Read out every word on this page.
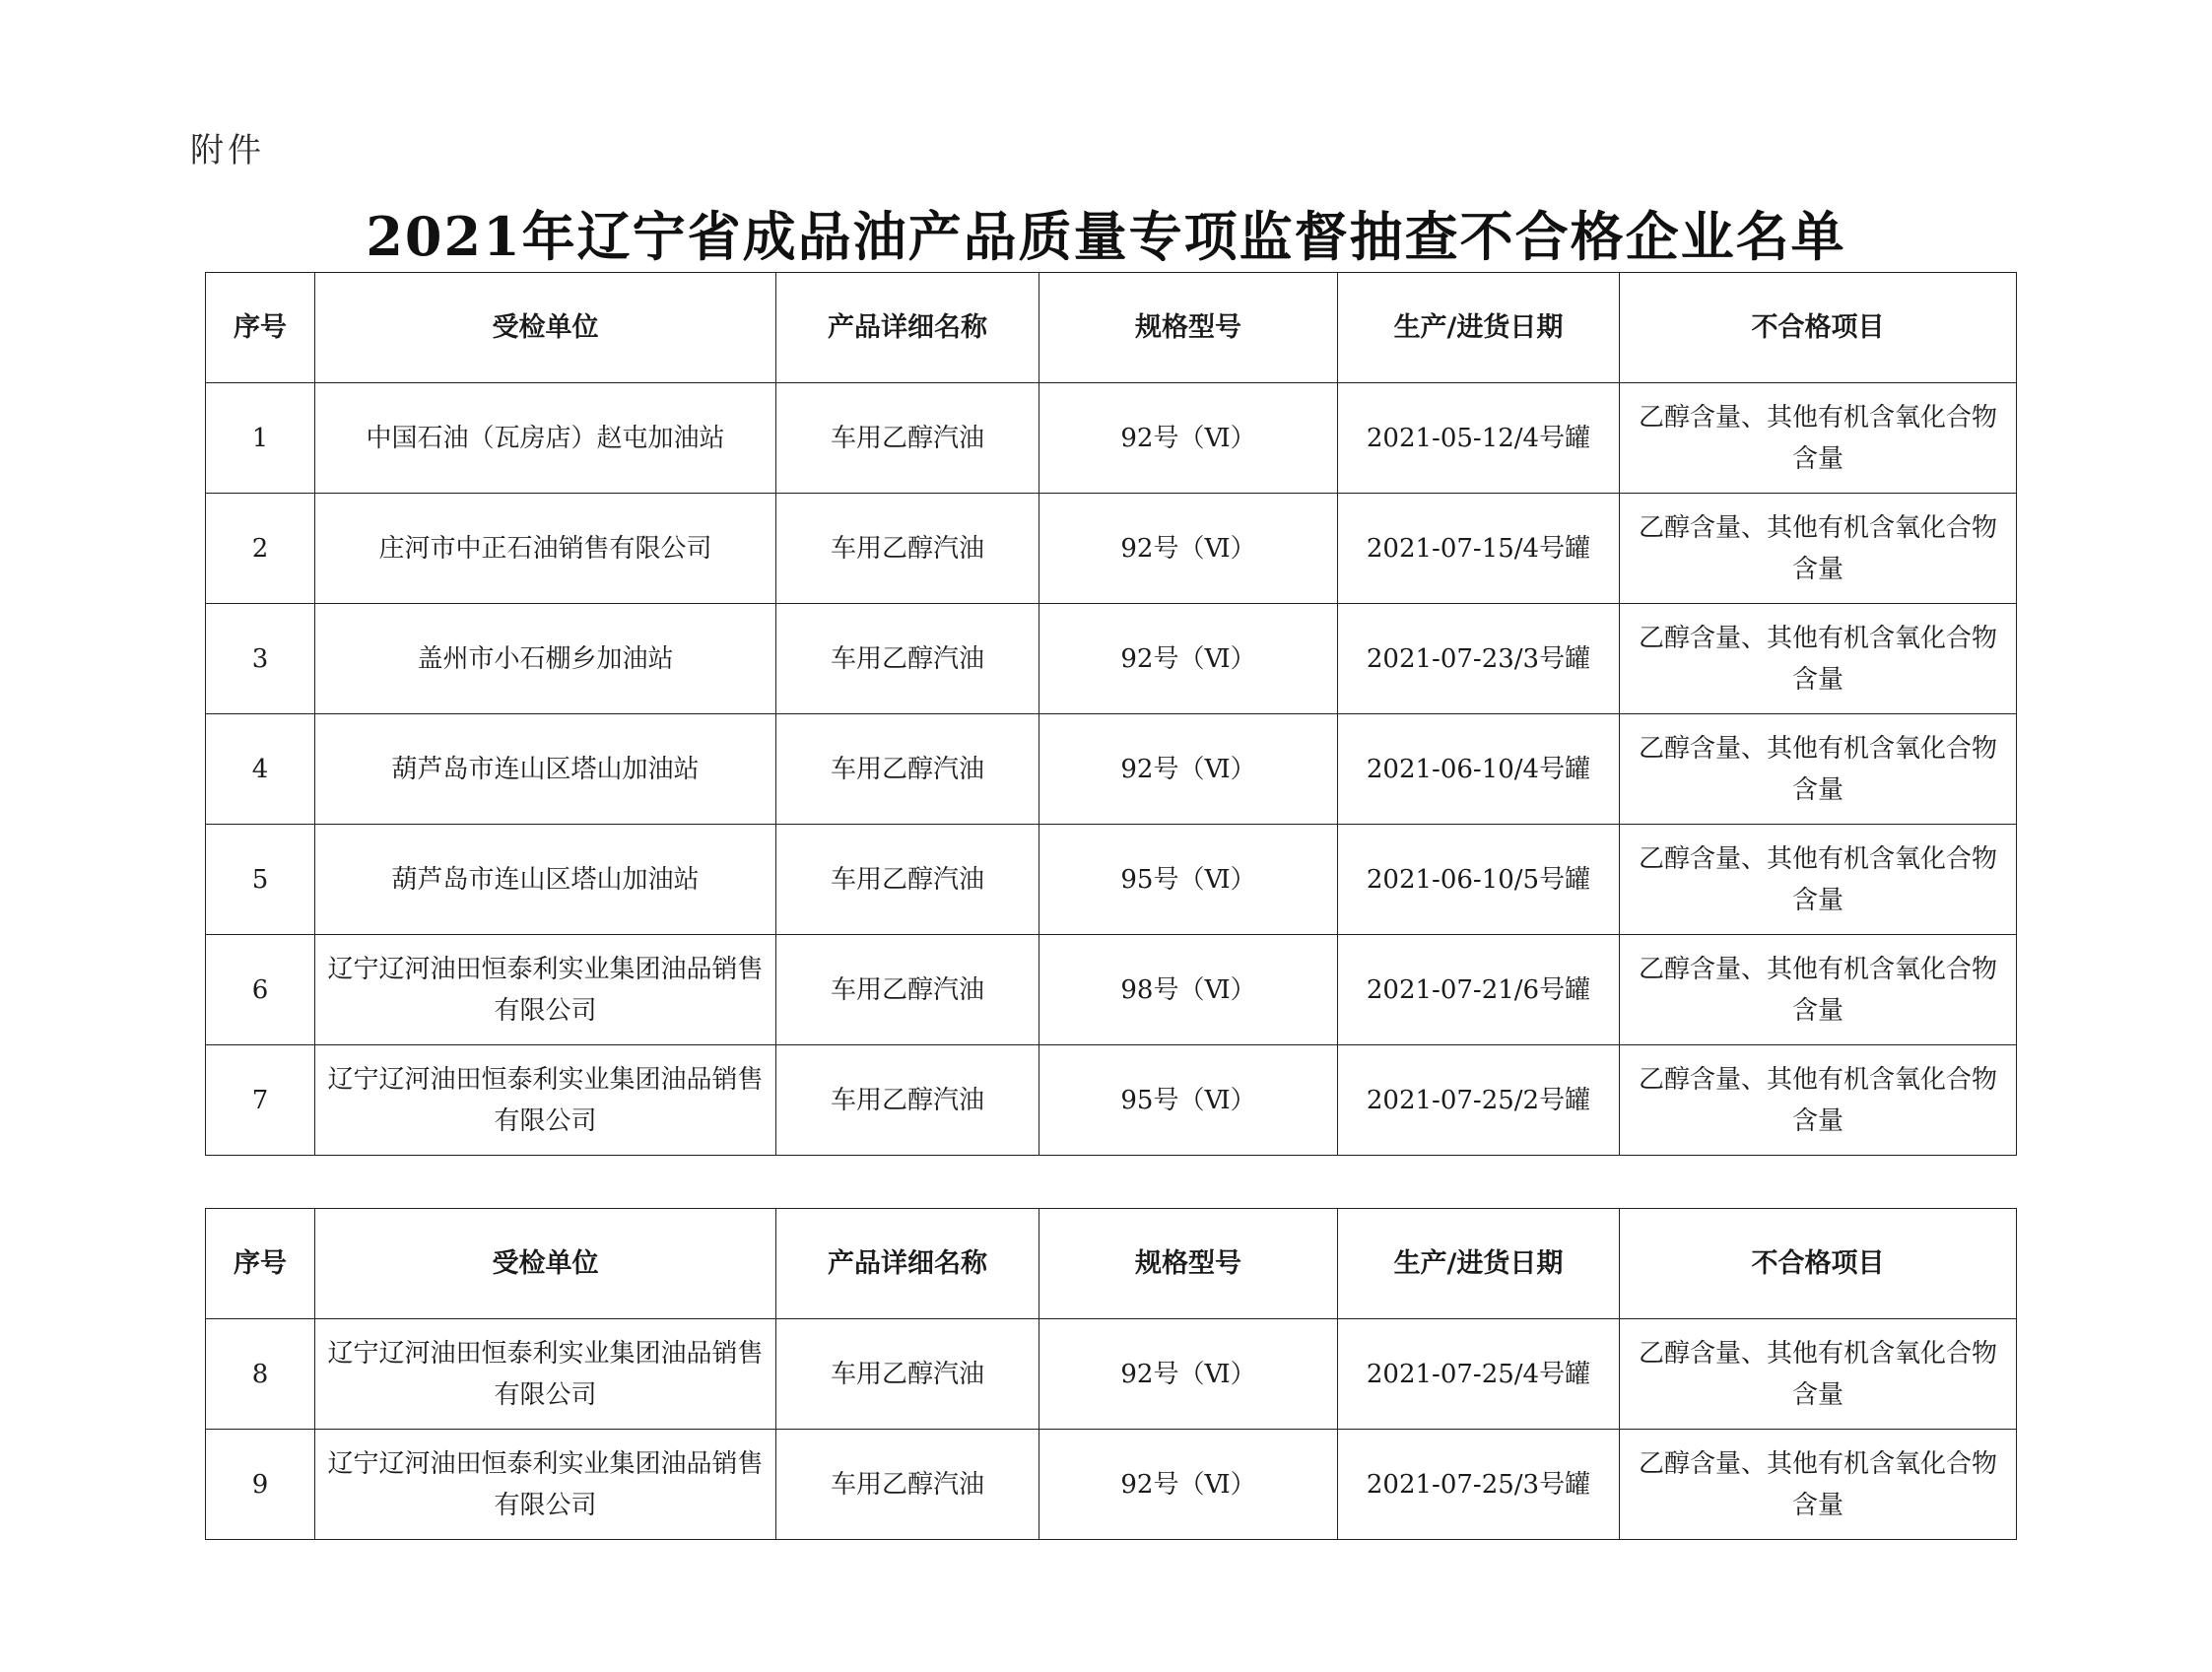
附件
2021年辽宁省成品油产品质量专项监督抽查不合格企业名单
序号	受检单位	产品详细名称	规格型号	生产/进货日期	不合格项目
1	中国石油（瓦房店）赵屯加油站	车用乙醇汽油	92号（Ⅵ）	2021-05-12/4号罐	乙醇含量、其他有机含氧化合物含量
2	庄河市中正石油销售有限公司	车用乙醇汽油	92号（Ⅵ）	2021-07-15/4号罐	乙醇含量、其他有机含氧化合物含量
3	盖州市小石棚乡加油站	车用乙醇汽油	92号（Ⅵ）	2021-07-23/3号罐	乙醇含量、其他有机含氧化合物含量
4	葫芦岛市连山区塔山加油站	车用乙醇汽油	92号（Ⅵ）	2021-06-10/4号罐	乙醇含量、其他有机含氧化合物含量
5	葫芦岛市连山区塔山加油站	车用乙醇汽油	95号（Ⅵ）	2021-06-10/5号罐	乙醇含量、其他有机含氧化合物含量
6	辽宁辽河油田恒泰利实业集团油品销售有限公司	车用乙醇汽油	98号（Ⅵ）	2021-07-21/6号罐	乙醇含量、其他有机含氧化合物含量
7	辽宁辽河油田恒泰利实业集团油品销售有限公司	车用乙醇汽油	95号（Ⅵ）	2021-07-25/2号罐	乙醇含量、其他有机含氧化合物含量
序号	受检单位	产品详细名称	规格型号	生产/进货日期	不合格项目
8	辽宁辽河油田恒泰利实业集团油品销售有限公司	车用乙醇汽油	92号（Ⅵ）	2021-07-25/4号罐	乙醇含量、其他有机含氧化合物含量
9	辽宁辽河油田恒泰利实业集团油品销售有限公司	车用乙醇汽油	92号（Ⅵ）	2021-07-25/3号罐	乙醇含量、其他有机含氧化合物含量
